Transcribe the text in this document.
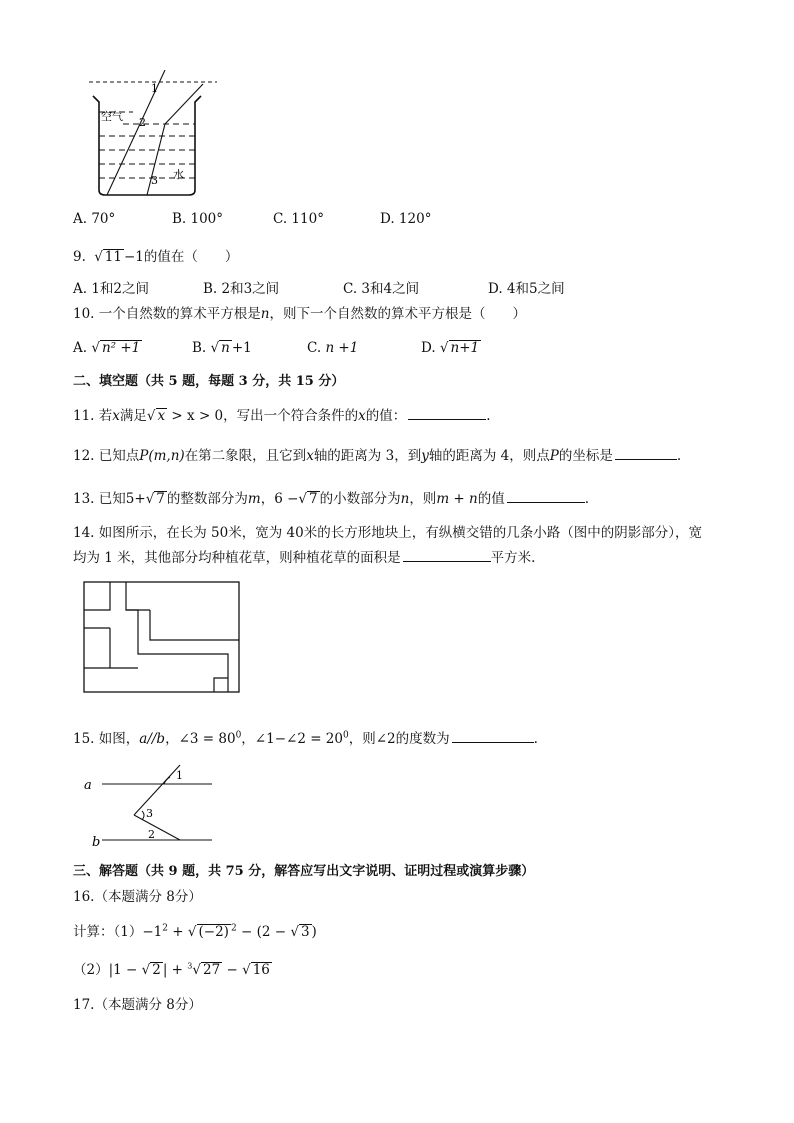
1
2
3
空气
水
A. 70°	B. 100°	C. 110°	D. 120°
9. √ 11 −1的值在（　　）
A. 1和2之间	B. 2和3之间	C. 3和4之间	D. 4和5之间
10. 一个自然数的算术平方根是n，则下一个自然数的算术平方根是（　　）
A. √ n² +1	B. √ n +1	C. n +1	D. √ n+1
二、填空题（共 5 题，每题 3 分，共 15 分）
11. 若x满足√ x > x > 0，写出一个符合条件的x的值：	.
12. 已知点P(m,n)在第二象限，且它到x轴的距离为 3，到y轴的距离为 4，则点P的坐标是	.
13. 已知5+√ 7 的整数部分为m，6 −√ 7 的小数部分为n，则m + n的值	.
14. 如图所示，在长为 50米，宽为 40米的长方形地块上，有纵横交错的几条小路（图中的阴影部分），宽
均为 1 米，其他部分均种植花草，则种植花草的面积是	平方米.
15. 如图，a//b，∠3 = $80^0$，∠1−∠2 = $20^0$，则∠2的度数为	.
a
b
1
3
2
三、解答题（共 9 题，共 75 分，解答应写出文字说明、证明过程或演算步骤）
16.（本题满分 8分）
计算：$(1)-1^2$ + √ (−2) $^2$ − (2 − √ 3 )
（2）|1 − √ 2 | + $^3$√ 27 − √ 16
17.（本题满分 8分）
